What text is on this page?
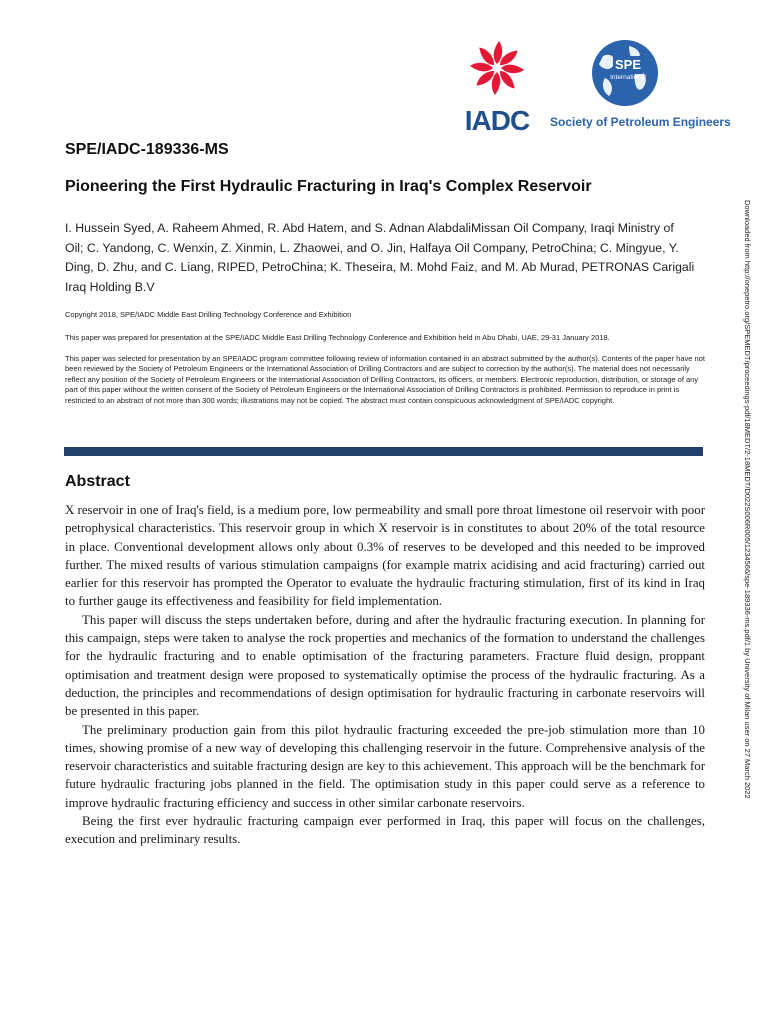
IADC
SPE
International
Society of Petroleum Engineers
SPE/IADC-189336-MS
Pioneering the First Hydraulic Fracturing in Iraq's Complex Reservoir
I. Hussein Syed, A. Raheem Ahmed, R. Abd Hatem, and S. Adnan AlabdaliMissan Oil Company, Iraqi Ministry of Oil; C. Yandong, C. Wenxin, Z. Xinmin, L. Zhaowei, and O. Jin, Halfaya Oil Company, PetroChina; C. Mingyue, Y. Ding, D. Zhu, and C. Liang, RIPED, PetroChina; K. Theseira, M. Mohd Faiz, and M. Ab Murad, PETRONAS Carigali Iraq Holding B.V
Copyright 2018, SPE/IADC Middle East Drilling Technology Conference and Exhibition
This paper was prepared for presentation at the SPE/IADC Middle East Drilling Technology Conference and Exhibition held in Abu Dhabi, UAE, 29-31 January 2018.
This paper was selected for presentation by an SPE/IADC program committee following review of information contained in an abstract submitted by the author(s). Contents of the paper have not been reviewed by the Society of Petroleum Engineers or the International Association of Drilling Contractors and are subject to correction by the author(s). The material does not necessarily reflect any position of the Society of Petroleum Engineers or the International Association of Drilling Contractors, its officers, or members. Electronic reproduction, distribution, or storage of any part of this paper without the written consent of the Society of Petroleum Engineers or the International Association of Drilling Contractors is prohibited. Permission to reproduce in print is restricted to an abstract of not more than 300 words; illustrations may not be copied. The abstract must contain conspicuous acknowledgment of SPE/IADC copyright.
Abstract

X reservoir in one of Iraq's field, is a medium pore, low permeability and small pore throat limestone oil reservoir with poor petrophysical characteristics. This reservoir group in which X reservoir is in constitutes to about 20% of the total resource in place. Conventional development allows only about 0.3% of reserves to be developed and this needed to be improved further. The mixed results of various stimulation campaigns (for example matrix acidising and acid fracturing) carried out earlier for this reservoir has prompted the Operator to evaluate the hydraulic fracturing stimulation, first of its kind in Iraq to further gauge its effectiveness and feasibility for field implementation.

This paper will discuss the steps undertaken before, during and after the hydraulic fracturing execution. In planning for this campaign, steps were taken to analyse the rock properties and mechanics of the formation to understand the challenges for the hydraulic fracturing and to enable optimisation of the fracturing parameters. Fracture fluid design, proppant optimisation and treatment design were proposed to systematically optimise the process of the hydraulic fracturing. As a deduction, the principles and recommendations of design optimisation for hydraulic fracturing in carbonate reservoirs will be presented in this paper.

The preliminary production gain from this pilot hydraulic fracturing exceeded the pre-job stimulation more than 10 times, showing promise of a new way of developing this challenging reservoir in the future. Comprehensive analysis of the reservoir characteristics and suitable fracturing design are key to this achievement. This approach will be the benchmark for future hydraulic fracturing jobs planned in the field. The optimisation study in this paper could serve as a reference to improve hydraulic fracturing efficiency and success in other similar carbonate reservoirs.

Being the first ever hydraulic fracturing campaign ever performed in Iraq, this paper will focus on the challenges, execution and preliminary results.

Downloaded from http://onepetro.org/SPEMEDT/proceedings-pdf/18MEDT/2-18MEDT/D022S006R005/1234566/spe-189336-ms.pdf/1 by University of Milan user on 27 March 2022
